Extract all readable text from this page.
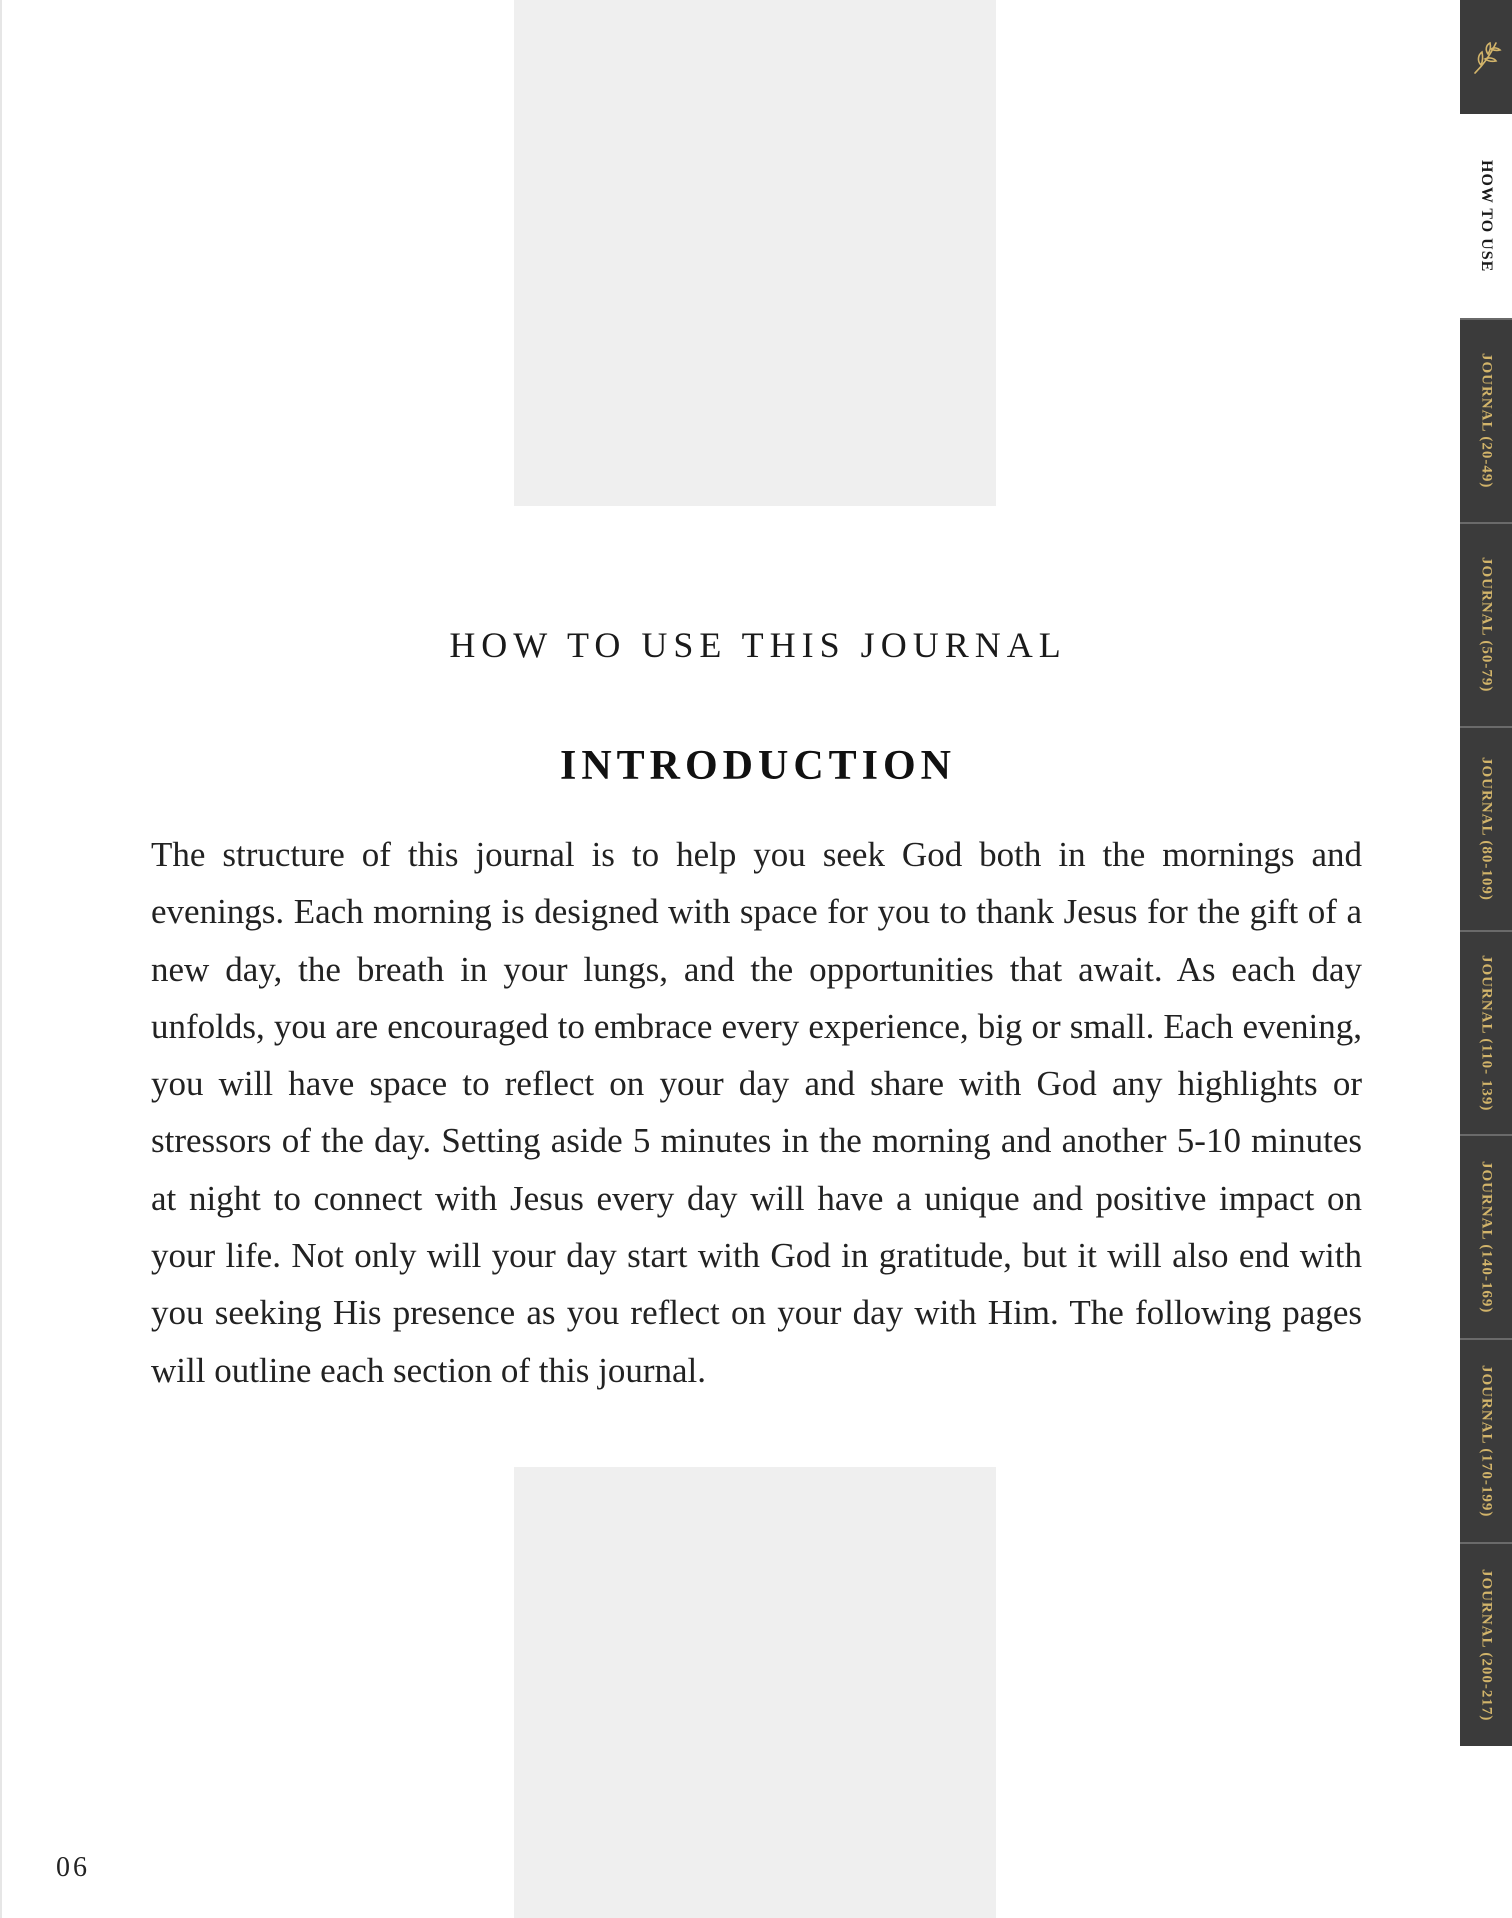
HOW TO USE THIS JOURNAL
INTRODUCTION

The structure of this journal is to help you seek God both in the mornings and evenings. Each morning is designed with space for you to thank Jesus for the gift of a new day, the breath in your lungs, and the opportunities that await. As each day unfolds, you are encouraged to embrace every experience, big or small. Each evening, you will have space to reflect on your day and share with God any highlights or stressors of the day. Setting aside 5 minutes in the morning and another 5-10 minutes at night to connect with Jesus every day will have a unique and positive impact on your life. Not only will your day start with God in gratitude, but it will also end with you seeking His presence as you reflect on your day with Him. The following pages will outline each section of this journal.

06
HOW TO USE
JOURNAL (20-49)
JOURNAL (50-79)
JOURNAL (80-109)
JOURNAL (110- 139)
JOURNAL (140-169)
JOURNAL (170-199)
JOURNAL (200-217)
